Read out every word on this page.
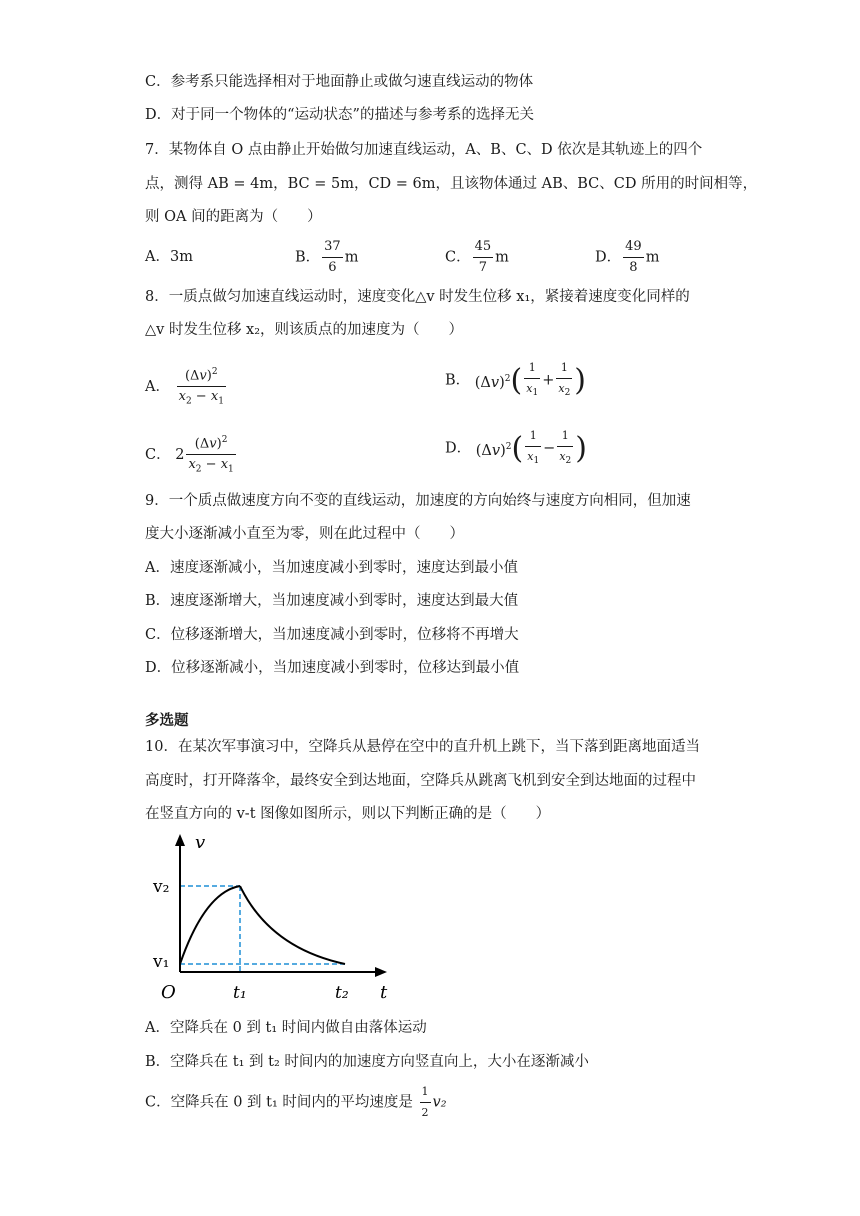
C．参考系只能选择相对于地面静止或做匀速直线运动的物体
D．对于同一个物体的“运动状态”的描述与参考系的选择无关
7．某物体自 O 点由静止开始做匀加速直线运动，A、B、C、D 依次是其轨迹上的四个
点，测得 AB = 4m，BC = 5m，CD = 6m，且该物体通过 AB、BC、CD 所用的时间相等，
则 OA 间的距离为（　　）
A．3m	B． $\frac{37}{6}$ m	C． $\frac{45}{7}$ m	D． $\frac{49}{8}$ m
8．一质点做匀加速直线运动时，速度变化△v 时发生位移 x₁，紧接着速度变化同样的
△v 时发生位移 x₂，则该质点的加速度为（　　）
A． $\frac{(\Delta v)^2}{x_2 - x_1}$	B． $(\Delta v)^2( \frac{1}{x_1} + \frac{1}{x_2}$ )
C． $2 \frac{(\Delta v)^2}{x_2 - x_1}$	D． $(\Delta v)^2( \frac{1}{x_1} - \frac{1}{x_2}$ )
9．一个质点做速度方向不变的直线运动，加速度的方向始终与速度方向相同，但加速
度大小逐渐减小直至为零，则在此过程中（　　）
A．速度逐渐减小，当加速度减小到零时，速度达到最小值
B．速度逐渐增大，当加速度减小到零时，速度达到最大值
C．位移逐渐增大，当加速度减小到零时，位移将不再增大
D．位移逐渐减小，当加速度减小到零时，位移达到最小值
多选题
10．在某次军事演习中，空降兵从悬停在空中的直升机上跳下，当下落到距离地面适当
高度时，打开降落伞，最终安全到达地面，空降兵从跳离飞机到安全到达地面的过程中
在竖直方向的 v-t 图像如图所示，则以下判断正确的是（　　）
v
t
O
v₂
v₁
t₁	t₂
A．空降兵在 0 到 t₁ 时间内做自由落体运动
B．空降兵在 t₁ 到 t₂ 时间内的加速度方向竖直向上，大小在逐渐减小
C．空降兵在 0 到 t₁ 时间内的平均速度是 $\frac{1}{2} v_2$
